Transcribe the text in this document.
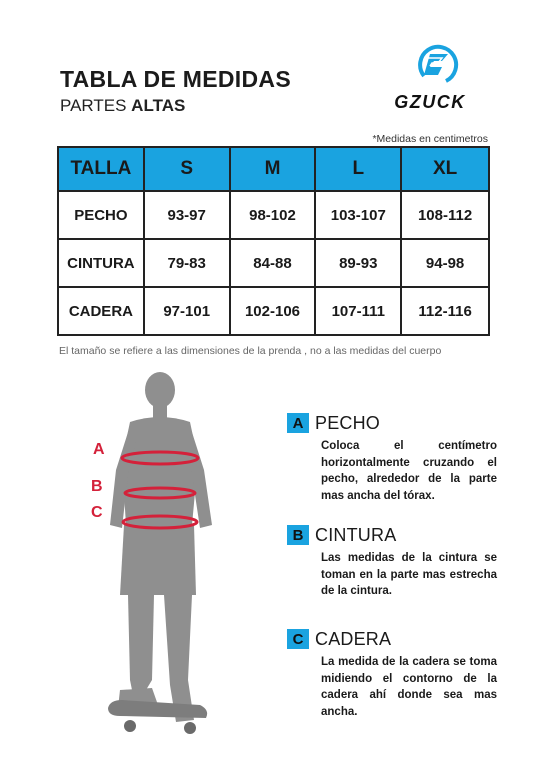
TABLA DE MEDIDAS
PARTES ALTAS	GZUCK
*Medidas en centimetros
TALLA	S	M	L	XL
PECHO	93-97	98-102	103-107	108-112
CINTURA	79-83	84-88	89-93	94-98
CADERA	97-101	102-106	107-111	112-116
El tamaño se refiere a las dimensiones de la prenda , no a las medidas del cuerpo
A
B
C
A PECHO
Coloca el centímetro horizontalmente cruzando el pecho, alrededor de la parte mas ancha del tórax.
B CINTURA
Las medidas de la cintura se toman en la parte mas estrecha de la cintura.
C CADERA
La medida de la cadera se toma midiendo el contorno de la cadera ahí donde sea mas ancha.
